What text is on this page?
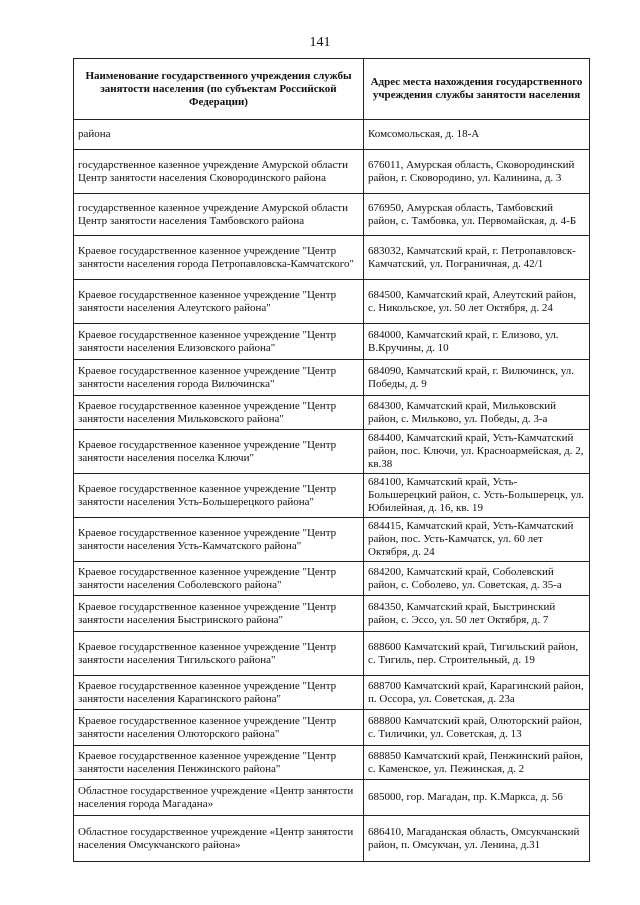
141
Наименование государственного учреждения службы занятости населения (по субъектам Российской Федерации)	Адрес места нахождения государственного учреждения службы занятости населения
района	Комсомольская, д. 18-А
государственное казенное учреждение Амурской области Центр занятости населения Сковородинского района	676011, Амурская область, Сковородинский район, г. Сковородино, ул. Калинина, д. 3
государственное казенное учреждение Амурской области Центр занятости населения Тамбовского района	676950, Амурская область, Тамбовский район, с. Тамбовка, ул. Первомайская, д. 4-Б
Краевое государственное казенное учреждение "Центр занятости населения города Петропавловска-Камчатского"	683032, Камчатский край, г. Петропавловск-Камчатский, ул. Пограничная, д. 42/1
Краевое государственное казенное учреждение "Центр занятости населения Алеутского района"	684500, Камчатский край, Алеутский район, с. Никольское, ул. 50 лет Октября, д. 24
Краевое государственное казенное учреждение "Центр занятости населения Елизовского района"	684000, Камчатский край, г. Елизово, ул. В.Кручины, д. 10
Краевое государственное казенное учреждение "Центр занятости населения города Вилючинска"	684090, Камчатский край, г. Вилючинск, ул. Победы, д. 9
Краевое государственное казенное учреждение "Центр занятости населения Мильковского района"	684300, Камчатский край, Мильковский район, с. Мильково, ул. Победы, д. 3-а
Краевое государственное казенное учреждение "Центр занятости населения поселка Ключи"	684400, Камчатский край, Усть-Камчатский район, пос. Ключи, ул. Красноармейская, д. 2, кв.38
Краевое государственное казенное учреждение "Центр занятости населения Усть-Большерецкого района"	684100, Камчатский край, Усть-Большерецкий район, с. Усть-Большерецк, ул. Юбилейная, д. 16, кв. 19
Краевое государственное казенное учреждение "Центр занятости населения Усть-Камчатского района"	684415, Камчатский край, Усть-Камчатский район, пос. Усть-Камчатск, ул. 60 лет Октября, д. 24
Краевое государственное казенное учреждение "Центр занятости населения Соболевского района"	684200, Камчатский край, Соболевский район, с. Соболево, ул. Советская, д. 35-а
Краевое государственное казенное учреждение "Центр занятости населения Быстринского района"	684350, Камчатский край, Быстринский район, с. Эссо, ул. 50 лет Октября, д. 7
Краевое государственное казенное учреждение "Центр занятости населения Тигильского района"	688600 Камчатский край, Тигильский район, с. Тигиль, пер. Строительный, д. 19
Краевое государственное казенное учреждение "Центр занятости населения Карагинского района"	688700 Камчатский край, Карагинский район, п. Оссора, ул. Советская, д. 23а
Краевое государственное казенное учреждение "Центр занятости населения Олюторского района"	688800 Камчатский край, Олюторский район, с. Тиличики, ул. Советская, д. 13
Краевое государственное казенное учреждение "Центр занятости населения Пенжинского района"	688850 Камчатский край, Пенжинский район, с. Каменское, ул. Пежинская, д. 2
Областное государственное учреждение «Центр занятости населения города Магадана»	685000, гор. Магадан, пр. К.Маркса, д. 56
Областное государственное учреждение «Центр занятости населения Омсукчанского района»	686410, Магаданская область, Омсукчанский район, п. Омсукчан, ул. Ленина, д.31
